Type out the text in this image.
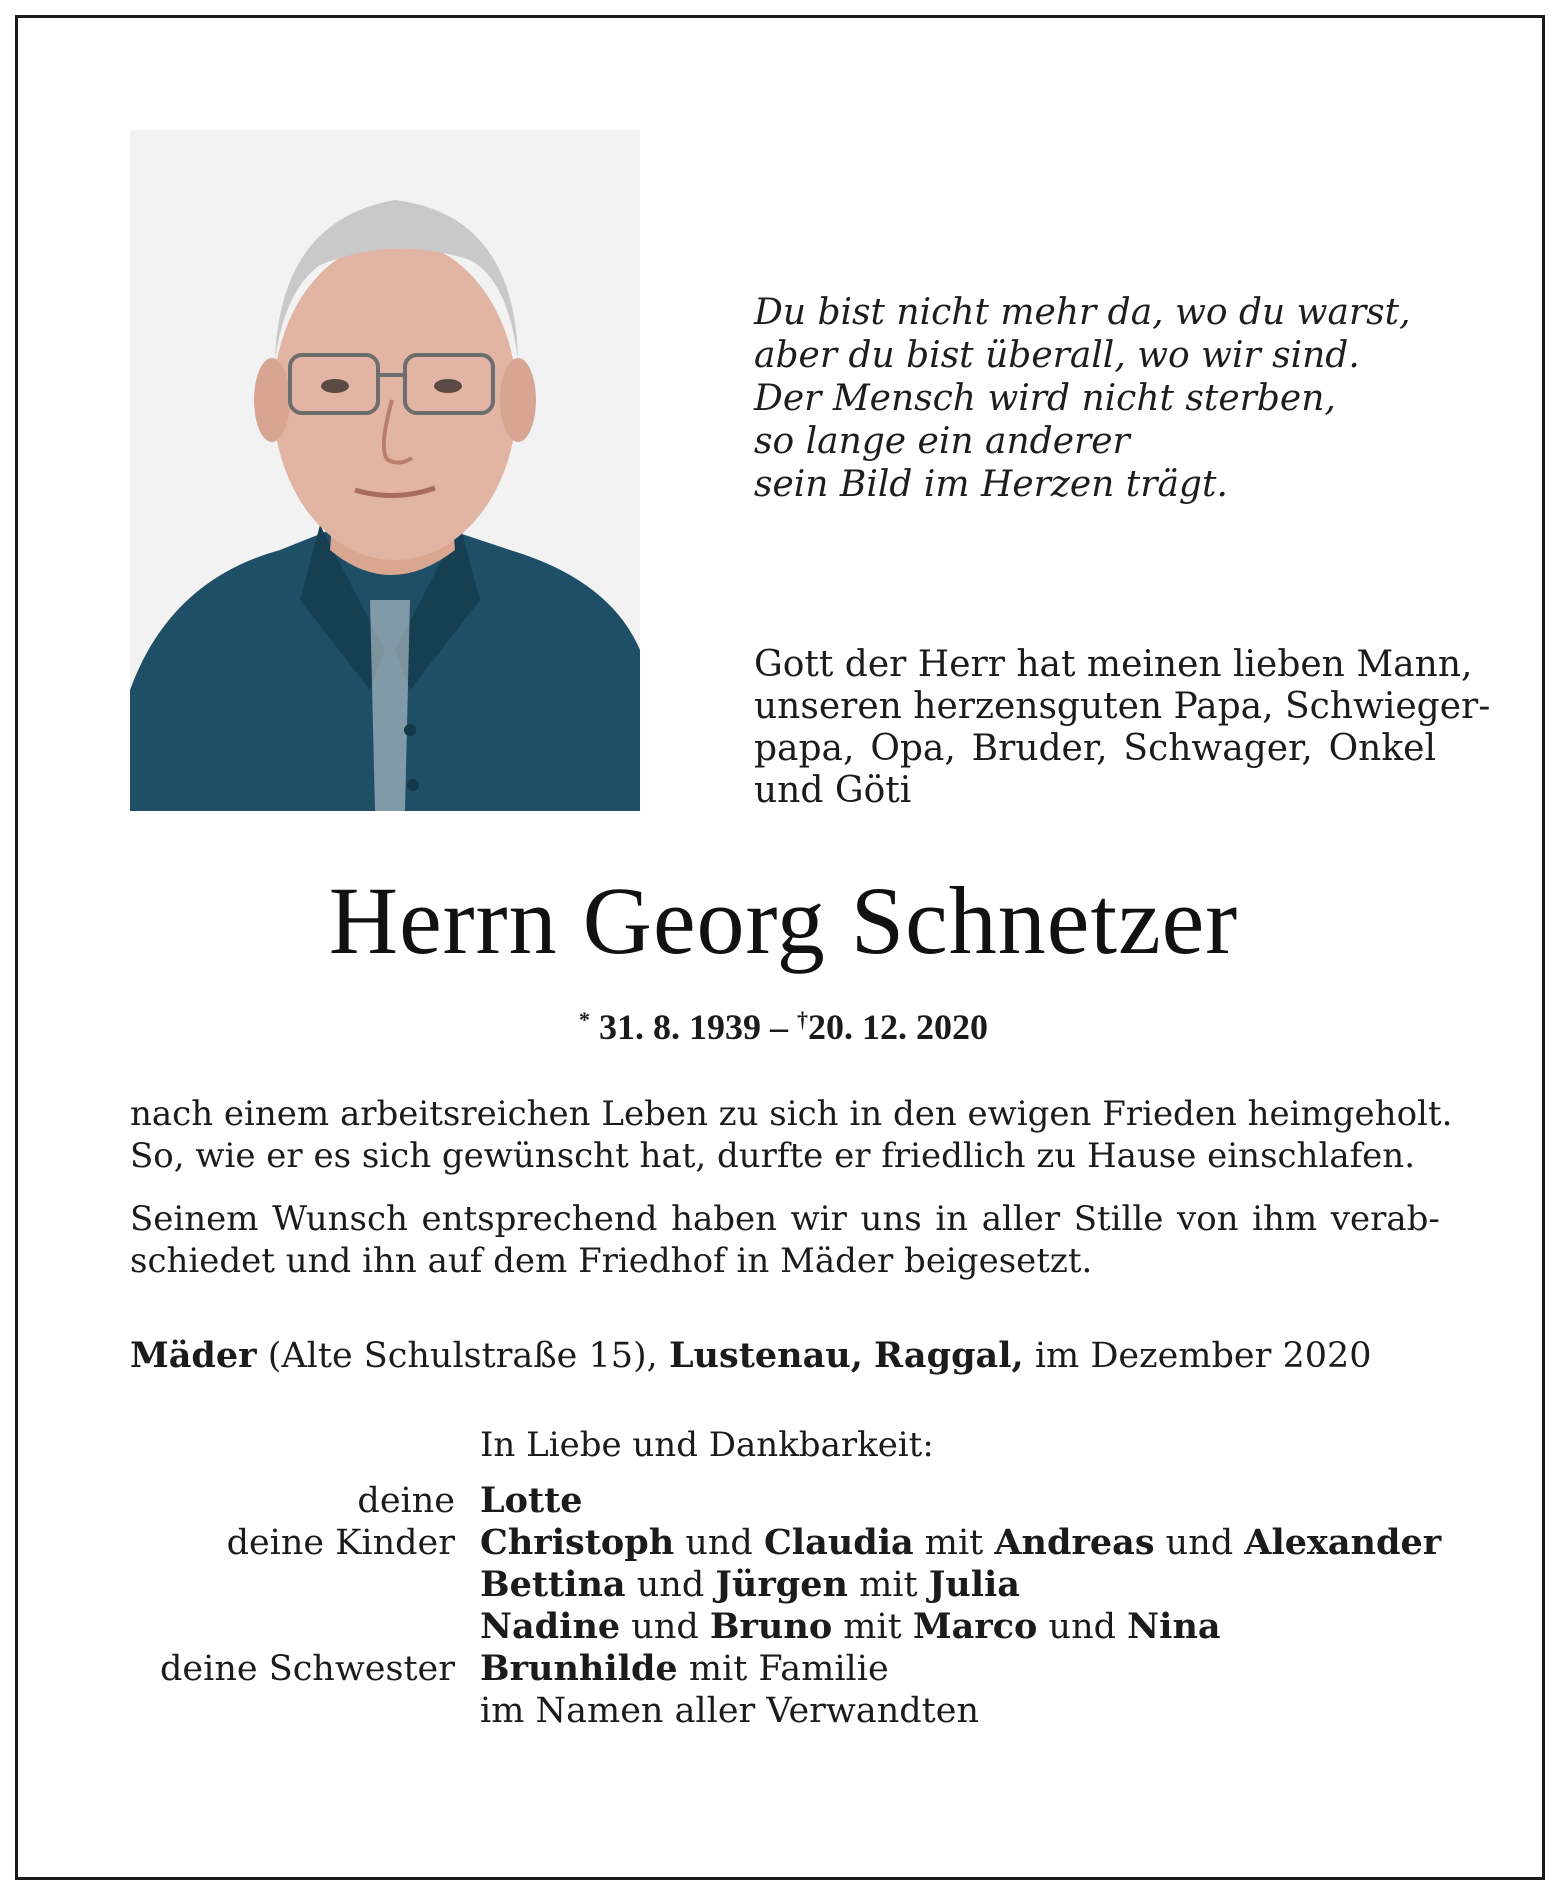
Du bist nicht mehr da, wo du warst,
aber du bist überall, wo wir sind.
Der Mensch wird nicht sterben,
so lange ein anderer
sein Bild im Herzen trägt.
Gott der Herr hat meinen lieben Mann,
unseren herzensguten Papa, Schwieger-
papa, Opa, Bruder, Schwager, Onkel
und Göti
Herrn Georg Schnetzer
* 31. 8. 1939 – †20. 12. 2020
nach einem arbeitsreichen Leben zu sich in den ewigen Frieden heimgeholt.
So, wie er es sich gewünscht hat, durfte er friedlich zu Hause einschlafen.
Seinem Wunsch entsprechend haben wir uns in aller Stille von ihm verab-
schiedet und ihn auf dem Friedhof in Mäder beigesetzt.
Mäder (Alte Schulstraße 15), Lustenau, Raggal, im Dezember 2020
In Liebe und Dankbarkeit:
deine Lotte
deine Kinder Christoph und Claudia mit Andreas und Alexander
Bettina und Jürgen mit Julia
Nadine und Bruno mit Marco und Nina
deine Schwester Brunhilde mit Familie
im Namen aller Verwandten
